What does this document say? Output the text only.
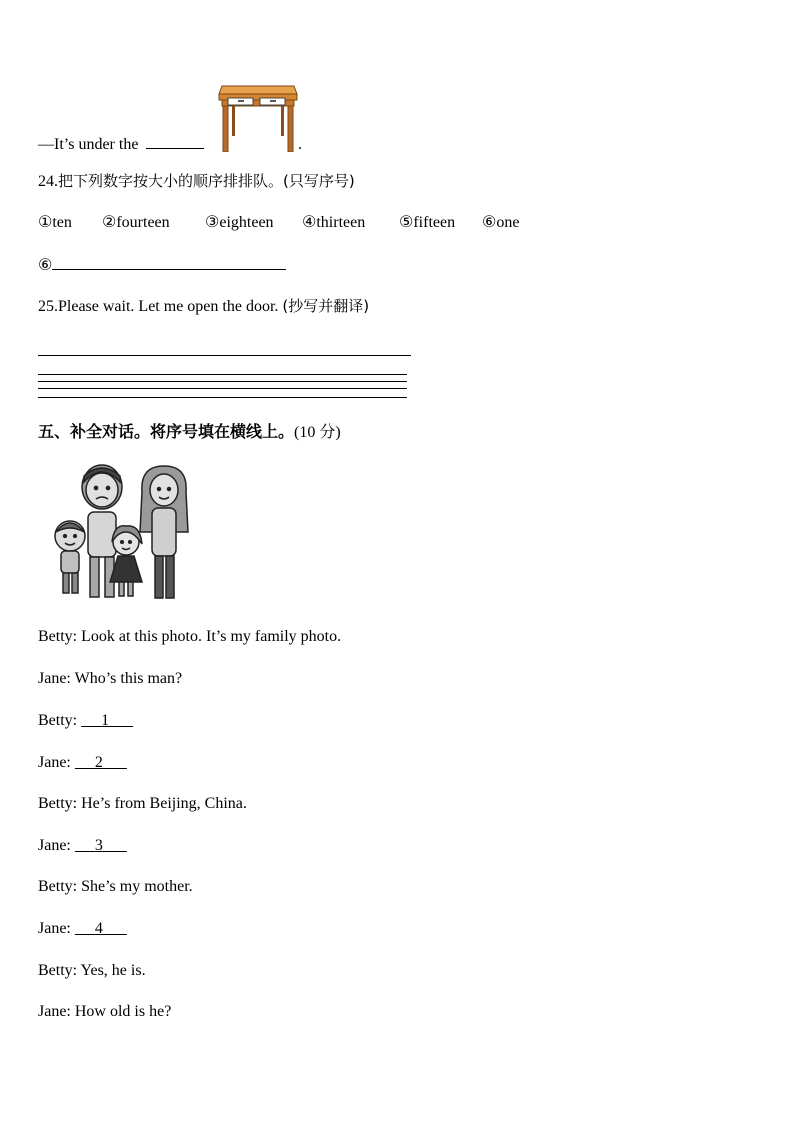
—It’s under the	.
24.把下列数字按大小的顺序排排队。(只写序号)
①ten ②fourteen ③eighteen ④thirteen ⑤fifteen ⑥one
⑥
25.Please wait. Let me open the door. (抄写并翻译)
五、补全对话。将序号填在横线上。(10 分)
Betty: Look at this photo. It’s my family photo.
Jane: Who’s this man?
Betty: 1
Jane: 2
Betty: He’s from Beijing, China.
Jane: 3
Betty: She’s my mother.
Jane: 4
Betty: Yes, he is.
Jane: How old is he?
